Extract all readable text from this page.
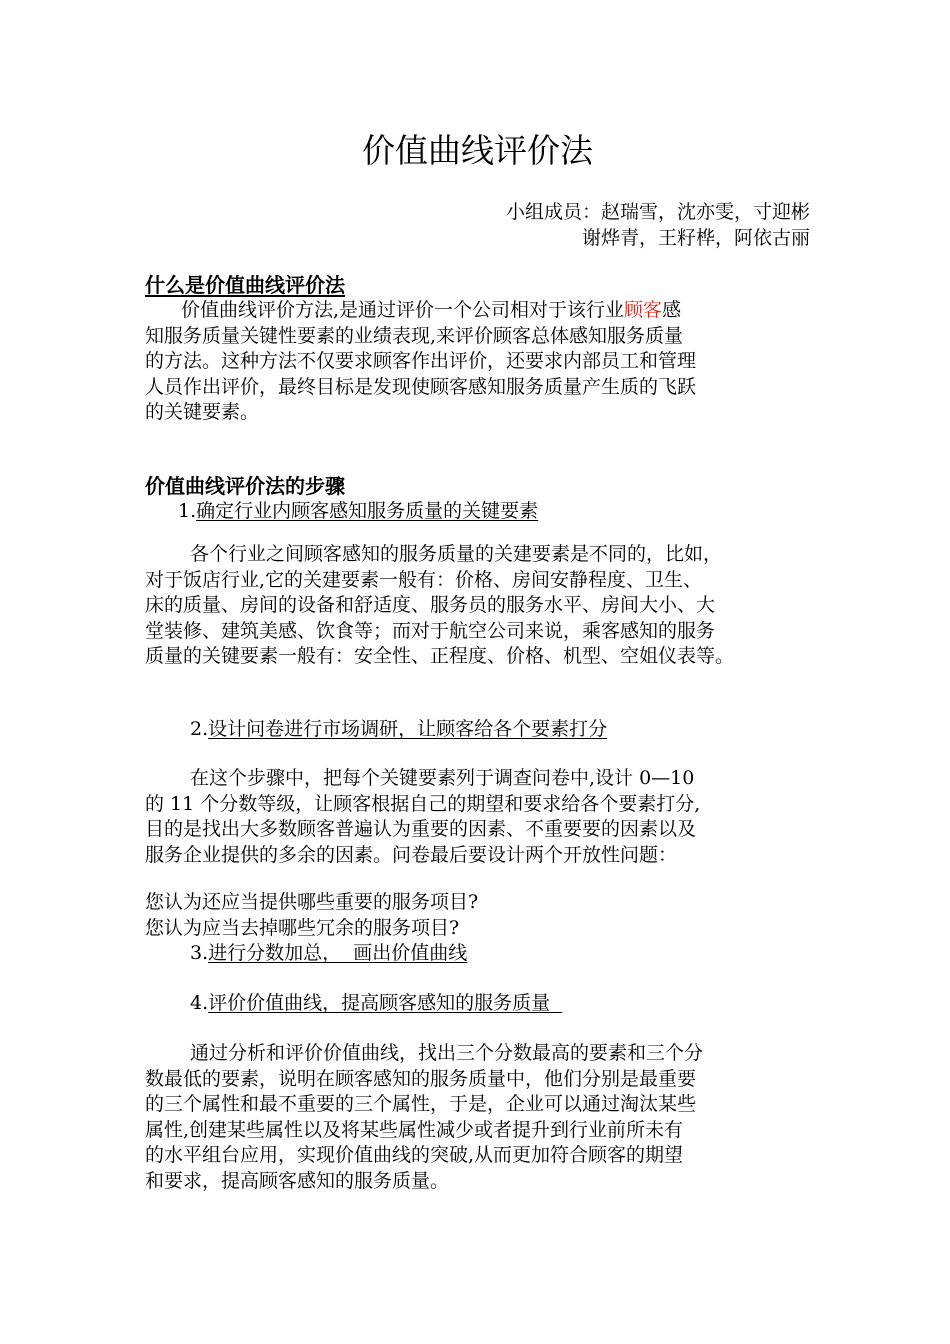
价值曲线评价法
小组成员：赵瑞雪，沈亦雯，寸迎彬
谢烨青，王籽桦，阿依古丽
什么是价值曲线评价法
价值曲线评价方法,是通过评价一个公司相对于该行业顾客感
知服务质量关键性要素的业绩表现,来评价顾客总体感知服务质量
的方法。这种方法不仅要求顾客作出评价，还要求内部员工和管理
人员作出评价，最终目标是发现使顾客感知服务质量产生质的飞跃
的关键要素。
价值曲线评价法的步骤
1.确定行业内顾客感知服务质量的关键要素
各个行业之间顾客感知的服务质量的关建要素是不同的，比如，
对于饭店行业,它的关建要素一般有：价格、房间安静程度、卫生、
床的质量、房间的设备和舒适度、服务员的服务水平、房间大小、大
堂装修、建筑美感、饮食等；而对于航空公司来说，乘客感知的服务
质量的关键要素一般有：安全性、正程度、价格、机型、空姐仪表等。
2.设计问卷进行市场调研，让顾客给各个要素打分
在这个步骤中，把每个关键要素列于调查问卷中,设计 0—10
的 11 个分数等级，让顾客根据自己的期望和要求给各个要素打分,
目的是找出大多数顾客普遍认为重要的因素、不重要要的因素以及
服务企业提供的多余的因素。问卷最后要设计两个开放性问题：
您认为还应当提供哪些重要的服务项目?
您认为应当去掉哪些冗余的服务项目?
3.进行分数加总，  画出价值曲线
4.评价价值曲线，提高顾客感知的服务质量
通过分析和评价价值曲线，找出三个分数最高的要素和三个分
数最低的要素，说明在顾客感知的服务质量中，他们分别是最重要
的三个属性和最不重要的三个属性，于是，企业可以通过淘汰某些
属性,创建某些属性以及将某些属性减少或者提升到行业前所未有
的水平组台应用，实现价值曲线的突破,从而更加符合顾客的期望
和要求，提高顾客感知的服务质量。
